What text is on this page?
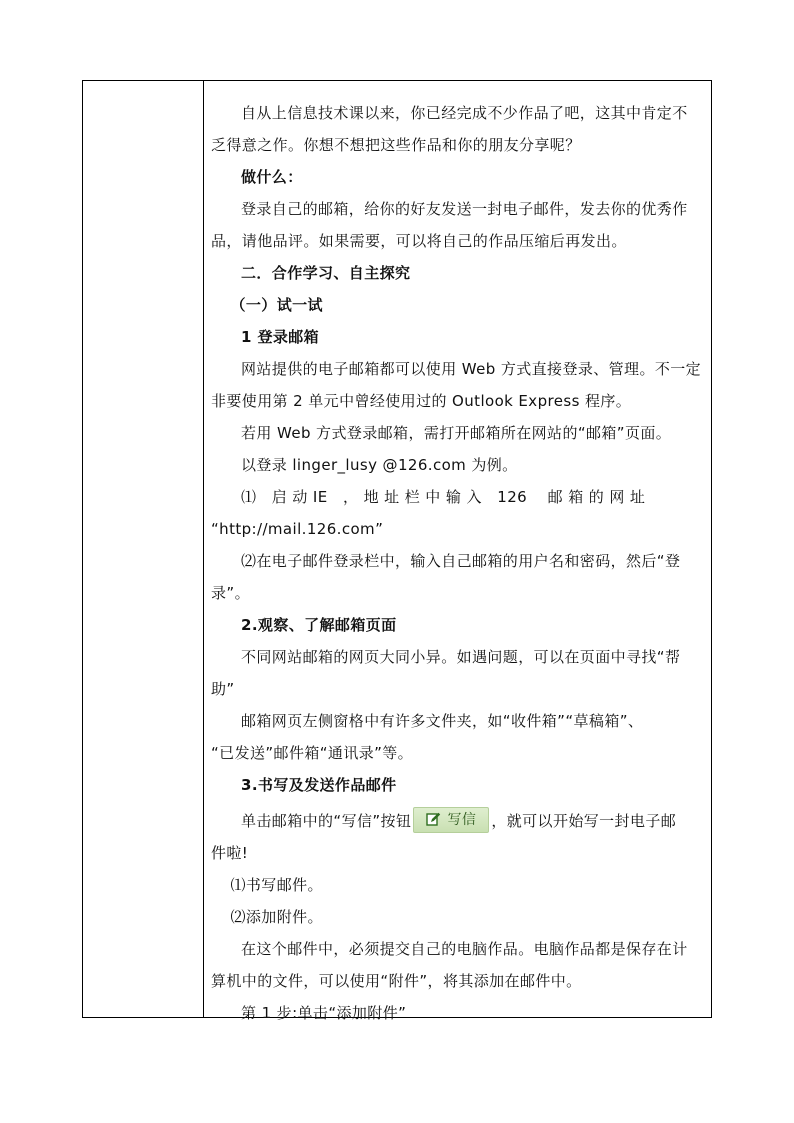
自从上信息技术课以来，你已经完成不少作品了吧，这其中肯定不
乏得意之作。你想不想把这些作品和你的朋友分享呢？

做什么：

登录自己的邮箱，给你的好友发送一封电子邮件，发去你的优秀作
品，请他品评。如果需要，可以将自己的作品压缩后再发出。

二．合作学习、自主探究

（一）试一试

1 登录邮箱

网站提供的电子邮箱都可以使用 Web 方式直接登录、管理。不一定
非要使用第 2 单元中曾经使用过的 Outlook Express 程序。

若用 Web 方式登录邮箱，需打开邮箱所在网站的“邮箱”页面。

以登录 linger_lusy @126.com 为例。

⑴　启 动 IE　， 地 址 栏 中 输 入　126　 邮 箱 的 网 址
“http://mail.126.com”

⑵在电子邮件登录栏中，输入自己邮箱的用户名和密码，然后“登
录”。

2.观察、了解邮箱页面

不同网站邮箱的网页大同小异。如遇问题，可以在页面中寻找“帮
助”

邮箱网页左侧窗格中有许多文件夹，如“收件箱”“草稿箱”、
“已发送”邮件箱“通讯录”等。

3.书写及发送作品邮件

单击邮箱中的“写信”按钮	写信 ，就可以开始写一封电子邮
件啦!

⑴书写邮件。

⑵添加附件。

在这个邮件中，必须提交自己的电脑作品。电脑作品都是保存在计
算机中的文件，可以使用“附件”，将其添加在邮件中。

第 1 步:单击“添加附件”
